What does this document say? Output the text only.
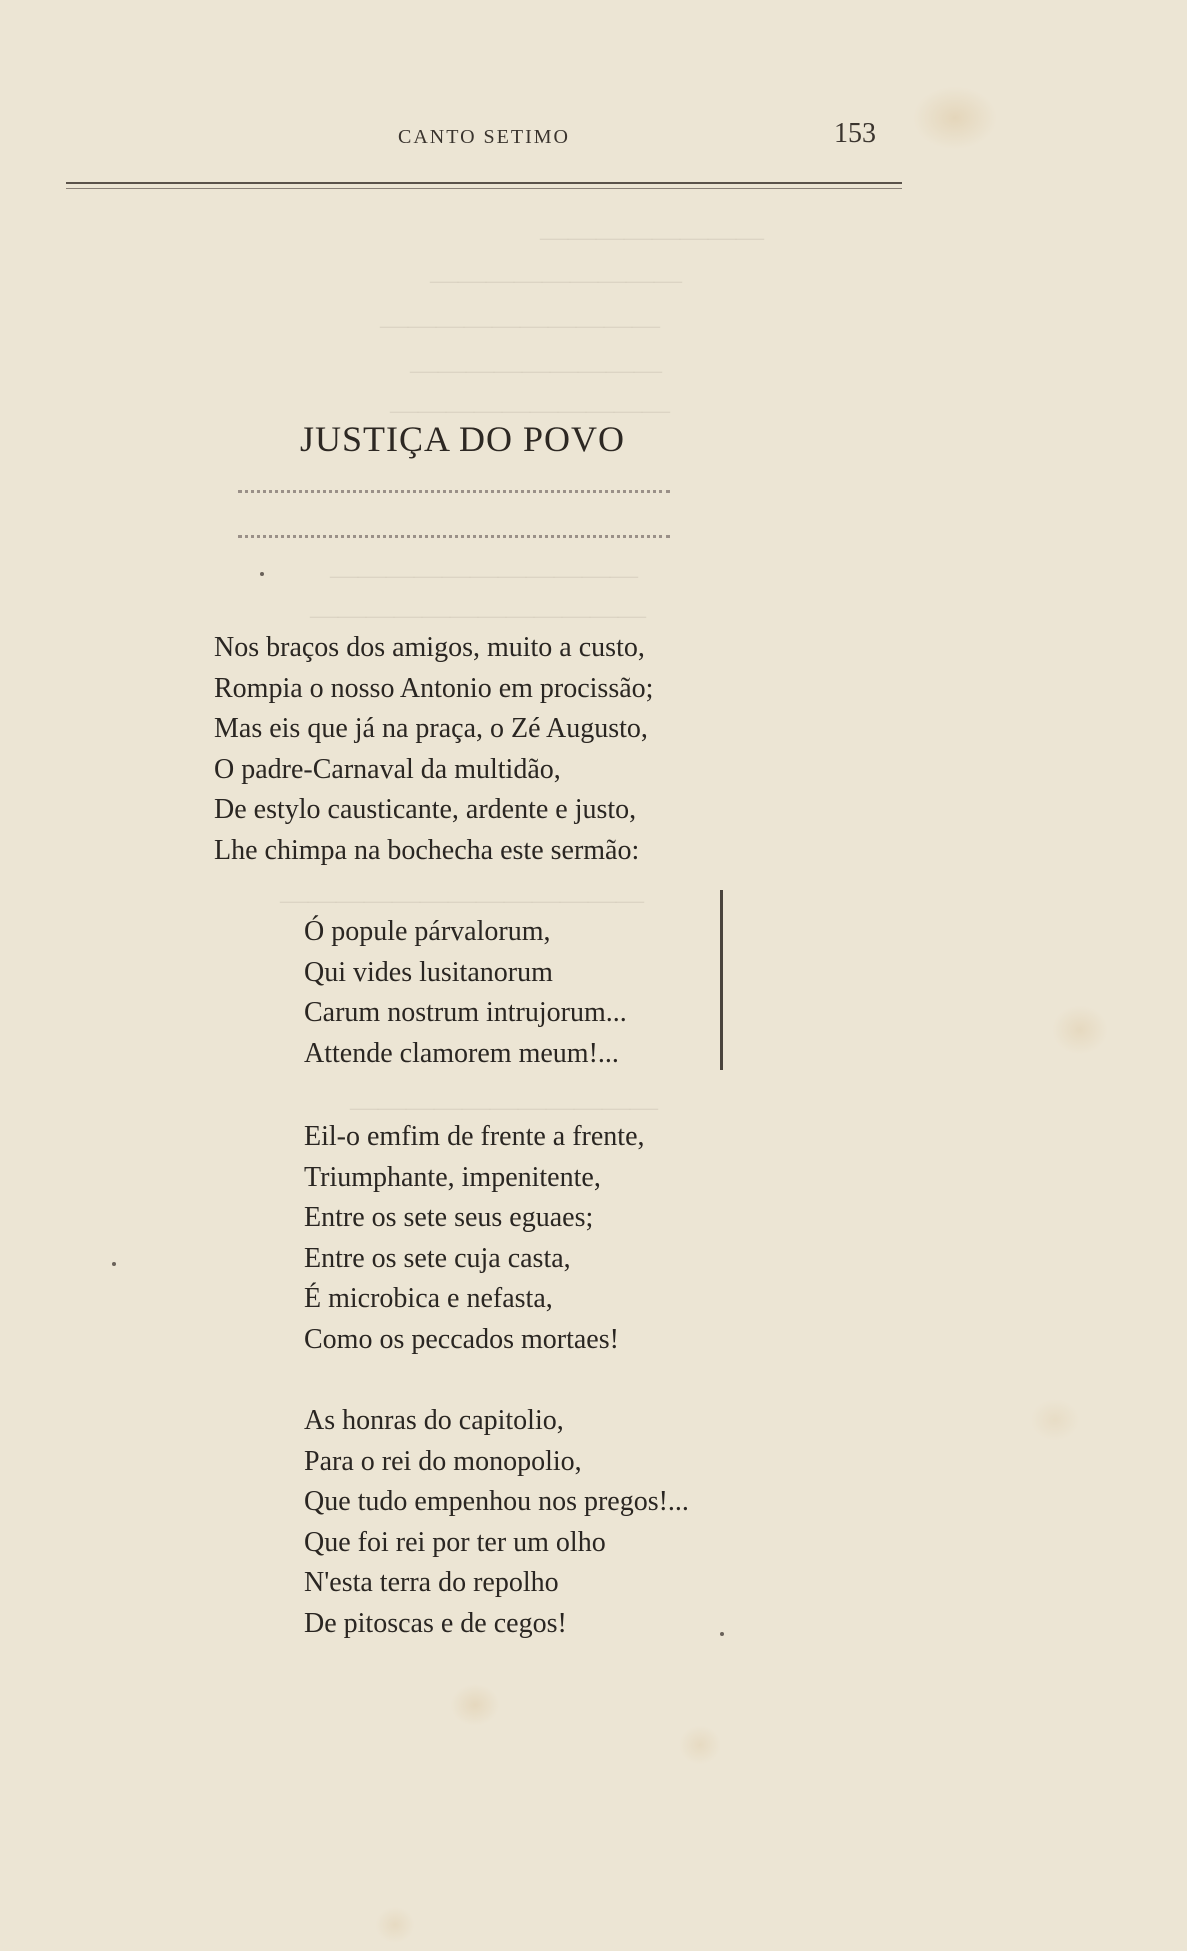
CANTO SETIMO	153
————————
—————————
——————————
—————————
——————————
———————————
————————————
—————————————
———————————
JUSTIÇA DO POVO
Nos braços dos amigos, muito a custo,
Rompia o nosso Antonio em procissão;
Mas eis que já na praça, o Zé Augusto,
O padre-Carnaval da multidão,
De estylo causticante, ardente e justo,
Lhe chimpa na bochecha este sermão:
Ó popule párvalorum,
Qui vides lusitanorum
Carum nostrum intrujorum...
Attende clamorem meum!...
Eil-o emfim de frente a frente,
Triumphante, impenitente,
Entre os sete seus eguaes;
Entre os sete cuja casta,
É microbica e nefasta,
Como os peccados mortaes!
As honras do capitolio,
Para o rei do monopolio,
Que tudo empenhou nos pregos!...
Que foi rei por ter um olho
N'esta terra do repolho
De pitoscas e de cegos!
